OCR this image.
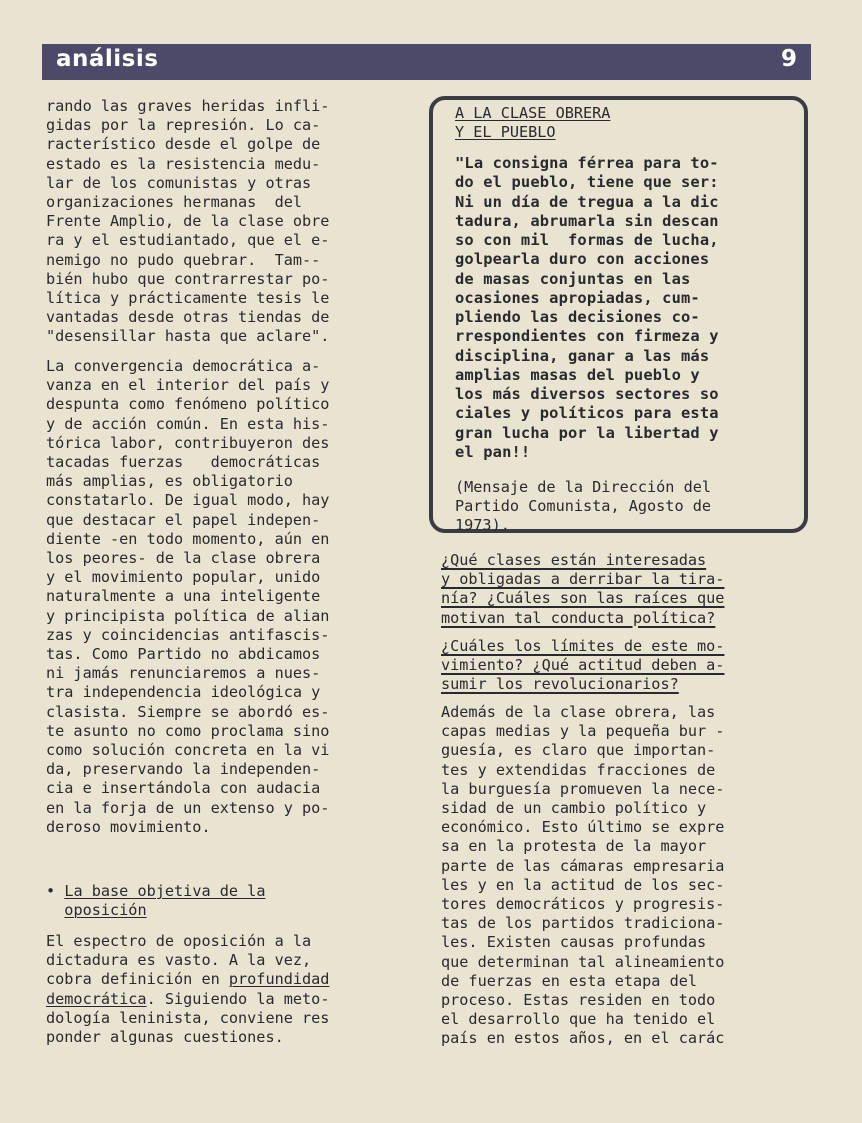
análisis	9
rando las graves heridas infli-
gidas por la represión. Lo ca-
racterístico desde el golpe de
estado es la resistencia medu-
lar de los comunistas y otras
organizaciones hermanas  del
Frente Amplio, de la clase obre
ra y el estudiantado, que el e-
nemigo no pudo quebrar.  Tam--
bién hubo que contrarrestar po-
lítica y prácticamente tesis le
vantadas desde otras tiendas de
"desensillar hasta que aclare".
La convergencia democrática a-
vanza en el interior del país y
despunta como fenómeno político
y de acción común. En esta his-
tórica labor, contribuyeron des
tacadas fuerzas   democráticas
más amplias, es obligatorio
constatarlo. De igual modo, hay
que destacar el papel indepen-
diente -en todo momento, aún en
los peores- de la clase obrera
y el movimiento popular, unido
naturalmente a una inteligente
y principista política de alian
zas y coincidencias antifascis-
tas. Como Partido no abdicamos
ni jamás renunciaremos a nues-
tra independencia ideológica y
clasista. Siempre se abordó es-
te asunto no como proclama sino
como solución concreta en la vi
da, preservando la independen-
cia e insertándola con audacia
en la forja de un extenso y po-
deroso movimiento.
• La base objetiva de la
oposición
El espectro de oposición a la
dictadura es vasto. A la vez,
cobra definición en profundidad
democrática. Siguiendo la meto-
dología leninista, conviene res
ponder algunas cuestiones.
A LA CLASE OBRERA
Y EL PUEBLO
"La consigna férrea para to-
do el pueblo, tiene que ser:
Ni un día de tregua a la dic
tadura, abrumarla sin descan
so con mil  formas de lucha,
golpearla duro con acciones
de masas conjuntas en las
ocasiones apropiadas, cum-
pliendo las decisiones co-
rrespondientes con firmeza y
disciplina, ganar a las más
amplias masas del pueblo y
los más diversos sectores so
ciales y políticos para esta
gran lucha por la libertad y
el pan!!
(Mensaje de la Dirección del
Partido Comunista, Agosto de
1973).
¿Qué clases están interesadas
y obligadas a derribar la tira-
nía? ¿Cuáles son las raíces que
motivan tal conducta política?
¿Cuáles los límites de este mo-
vimiento? ¿Qué actitud deben a-
sumir los revolucionarios?
Además de la clase obrera, las
capas medias y la pequeña bur -
guesía, es claro que importan-
tes y extendidas fracciones de
la burguesía promueven la nece-
sidad de un cambio político y
económico. Esto último se expre
sa en la protesta de la mayor
parte de las cámaras empresaria
les y en la actitud de los sec-
tores democráticos y progresis-
tas de los partidos tradiciona-
les. Existen causas profundas
que determinan tal alineamiento
de fuerzas en esta etapa del
proceso. Estas residen en todo
el desarrollo que ha tenido el
país en estos años, en el carác
